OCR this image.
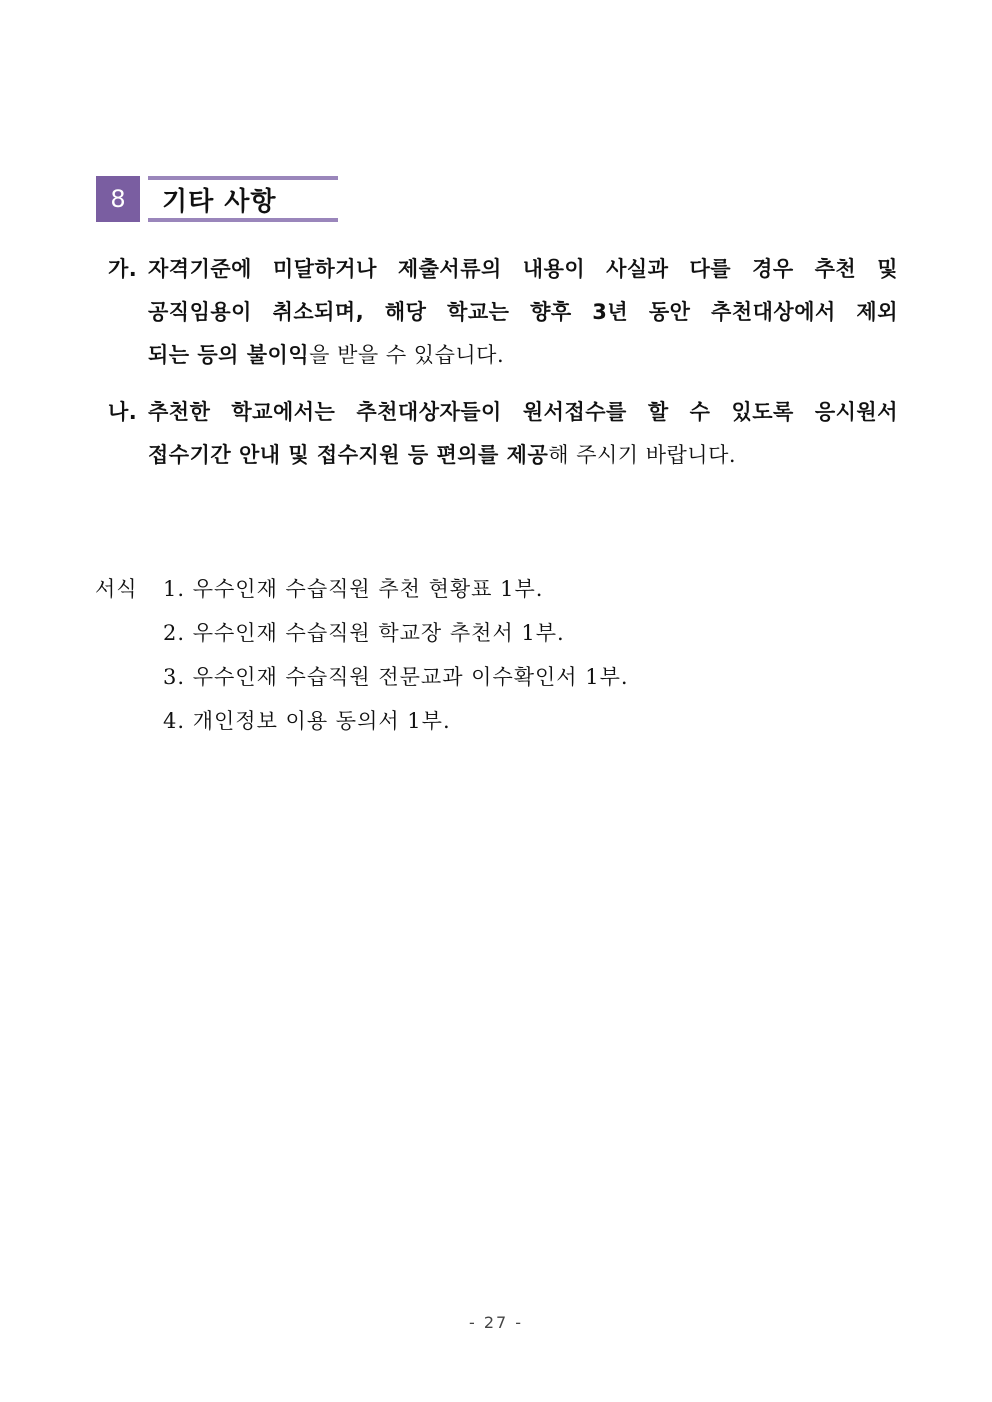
8	기타 사항
가. 자격기준에 미달하거나 제출서류의 내용이 사실과 다를 경우 추천 및
공직임용이 취소되며, 해당 학교는 향후 3년 동안 추천대상에서 제외
되는 등의 불이익을 받을 수 있습니다.
나. 추천한 학교에서는 추천대상자들이 원서접수를 할 수 있도록 응시원서
접수기간 안내 및 접수지원 등 편의를 제공해 주시기 바랍니다.
서식 1. 우수인재 수습직원 추천 현황표 1부.
2. 우수인재 수습직원 학교장 추천서 1부.
3. 우수인재 수습직원 전문교과 이수확인서 1부.
4. 개인정보 이용 동의서 1부.
- 27 -
